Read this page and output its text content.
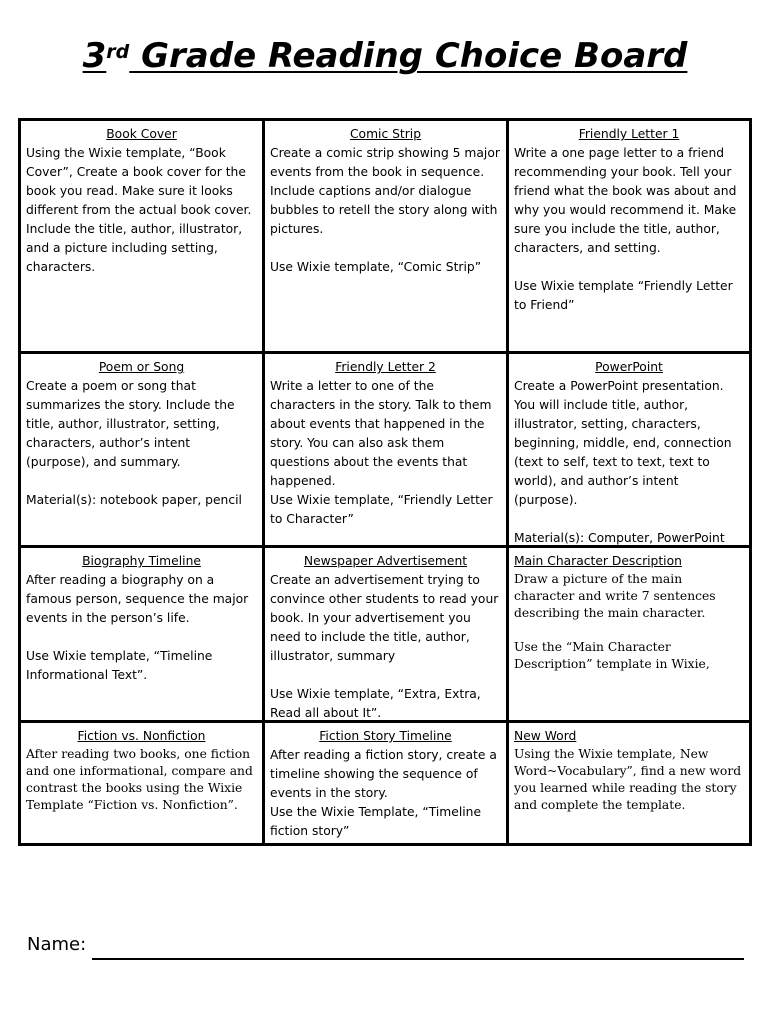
3rd Grade Reading Choice Board
Book Cover

Using the Wixie template, “Book Cover”, Create a book cover for the book you read. Make sure it looks different from the actual book cover. Include the title, author, illustrator, and a picture including setting, characters.

Comic Strip

Create a comic strip showing 5 major events from the book in sequence. Include captions and/or dialogue bubbles to retell the story along with pictures.

Use Wixie template, “Comic Strip”

Friendly Letter 1

Write a one page letter to a friend recommending your book. Tell your friend what the book was about and why you would recommend it. Make sure you include the title, author, characters, and setting.

Use Wixie template “Friendly Letter to Friend”

Poem or Song

Create a poem or song that summarizes the story. Include the title, author, illustrator, setting, characters, author’s intent (purpose), and summary.

Material(s): notebook paper, pencil

Friendly Letter 2

Write a letter to one of the characters in the story. Talk to them about events that happened in the story. You can also ask them questions about the events that happened.

Use Wixie template, “Friendly Letter to Character”

PowerPoint

Create a PowerPoint presentation. You will include title, author, illustrator, setting, characters, beginning, middle, end, connection (text to self, text to text, text to world), and author’s intent (purpose).

Material(s): Computer, PowerPoint

Biography Timeline

After reading a biography on a famous person, sequence the major events in the person’s life.

Use Wixie template, “Timeline Informational Text”.

Newspaper Advertisement

Create an advertisement trying to convince other students to read your book. In your advertisement you need to include the title, author, illustrator, summary

Use Wixie template, “Extra, Extra, Read all about It”.

Main Character Description

Draw a picture of the main character and write 7 sentences describing the main character.

Use the “Main Character Description” template in Wixie,

Fiction vs. Nonfiction

After reading two books, one fiction and one informational, compare and contrast the books using the Wixie Template “Fiction vs. Nonfiction”.

Fiction Story Timeline

After reading a fiction story, create a timeline showing the sequence of events in the story.

Use the Wixie Template, “Timeline fiction story”

New Word

Using the Wixie template, New Word~Vocabulary”, find a new word you learned while reading the story and complete the template.

Name:
